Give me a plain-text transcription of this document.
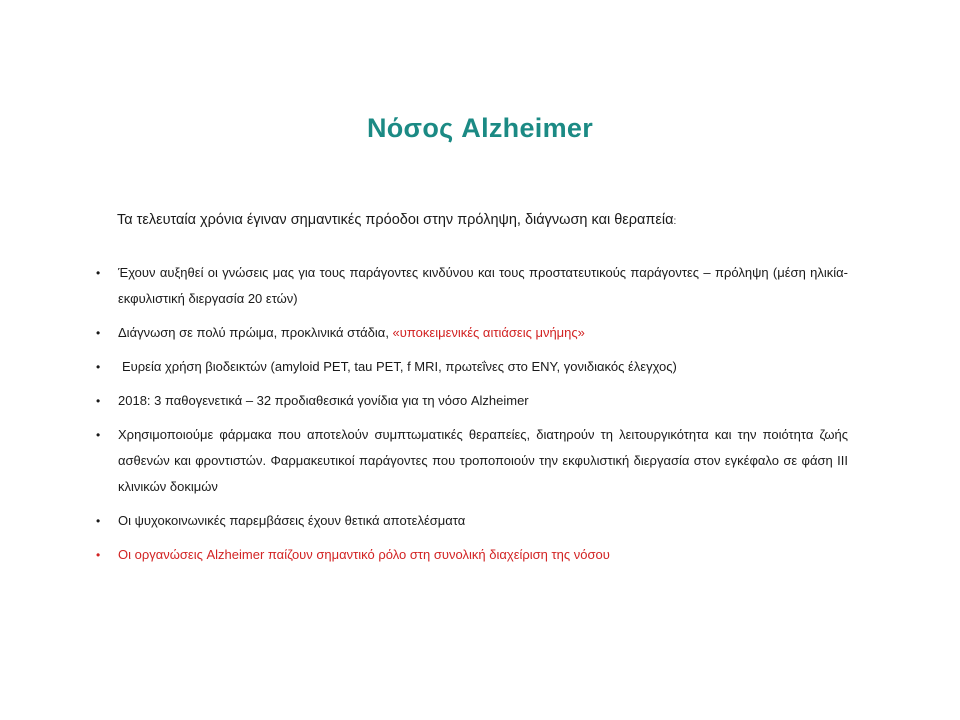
Νόσος Alzheimer
Τα τελευταία χρόνια έγιναν σημαντικές πρόοδοι στην πρόληψη, διάγνωση και θεραπεία:
• Έχουν αυξηθεί οι γνώσεις μας για τους παράγοντες κινδύνου και τους προστατευτικούς παράγοντες – πρόληψη (μέση ηλικία-εκφυλιστική διεργασία 20 ετών)
• Διάγνωση σε πολύ πρώιμα, προκλινικά στάδια, «υποκειμενικές αιτιάσεις μνήμης»
•	Ευρεία χρήση βιοδεικτών (amyloid PET, tau PET, f MRI, πρωτεΐνες στο ΕΝΥ, γονιδιακός έλεγχος)
• 2018: 3 παθογενετικά – 32 προδιαθεσικά γονίδια για τη νόσο Alzheimer
• Χρησιμοποιούμε φάρμακα που αποτελούν συμπτωματικές θεραπείες, διατηρούν τη λειτουργικότητα και την ποιότητα ζωής ασθενών και φροντιστών. Φαρμακευτικοί παράγοντες που τροποποιούν την εκφυλιστική διεργασία στον εγκέφαλο σε φάση ΙΙΙ κλινικών δοκιμών
• Οι ψυχοκοινωνικές παρεμβάσεις έχουν θετικά αποτελέσματα
• Οι οργανώσεις Alzheimer παίζουν σημαντικό ρόλο στη συνολική διαχείριση της νόσου
